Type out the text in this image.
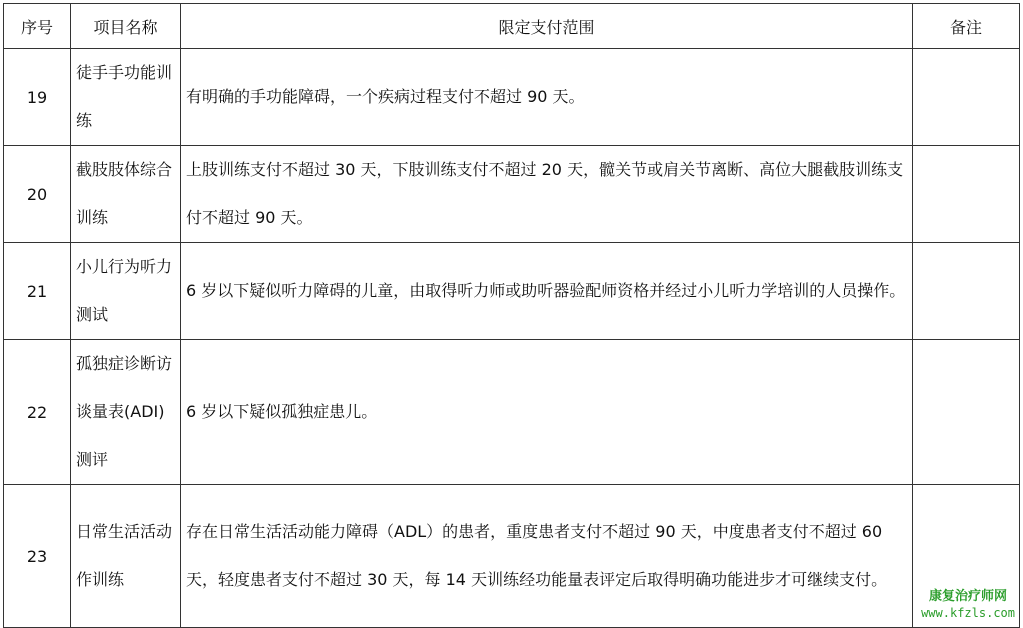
序号	项目名称	限定支付范围	备注
19	徒手手功能训练	有明确的手功能障碍，一个疾病过程支付不超过 90 天。	
20	截肢肢体综合训练	上肢训练支付不超过 30 天，下肢训练支付不超过 20 天，髋关节或肩关节离断、高位大腿截肢训练支付不超过 90 天。	
21	小儿行为听力测试	6 岁以下疑似听力障碍的儿童，由取得听力师或助听器验配师资格并经过小儿听力学培训的人员操作。	
22	孤独症诊断访谈量表(ADI)测评	6 岁以下疑似孤独症患儿。	
23	日常生活活动作训练	存在日常生活活动能力障碍（ADL）的患者，重度患者支付不超过 90 天，中度患者支付不超过 60 天，轻度患者支付不超过 30 天，每 14 天训练经功能量表评定后取得明确功能进步才可继续支付。	
康复治疗师网
www.kfzls.com
